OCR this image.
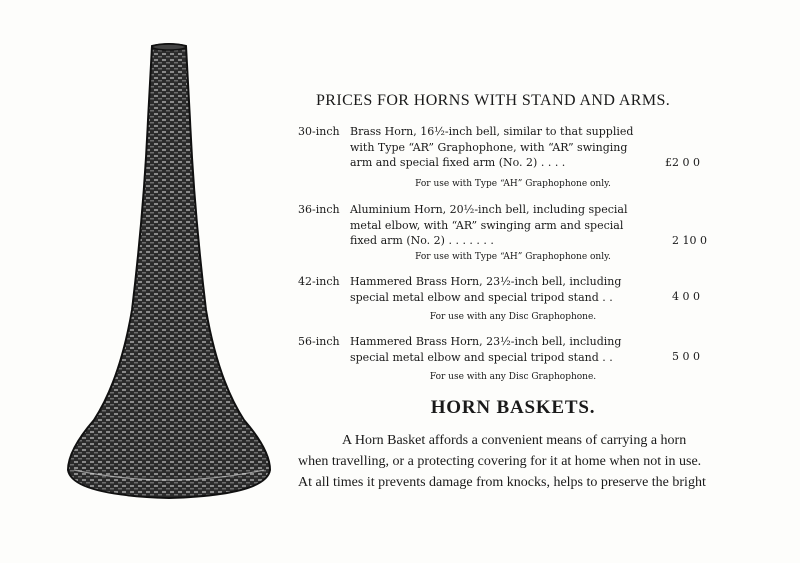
PRICES FOR HORNS WITH STAND AND ARMS.
30-inch Brass Horn, 16½-inch bell, similar to that supplied
with Type “AR” Graphophone, with “AR” swinging
arm and special fixed arm (No. 2) . . . .	£2 0 0
For use with Type “AH” Graphophone only.
36-inch Aluminium Horn, 20½-inch bell, including special
metal elbow, with “AR” swinging arm and special
fixed arm (No. 2) . . . . . . .	2 10 0
For use with Type “AH” Graphophone only.
42-inch Hammered Brass Horn, 23½-inch bell, including
special metal elbow and special tripod stand . .	4 0 0
For use with any Disc Graphophone.
56-inch Hammered Brass Horn, 23½-inch bell, including
special metal elbow and special tripod stand . .	5 0 0
For use with any Disc Graphophone.
HORN BASKETS.
A Horn Basket affords a convenient means of carrying a horn
when travelling, or a protecting covering for it at home when not in use.
At all times it prevents damage from knocks, helps to preserve the bright
